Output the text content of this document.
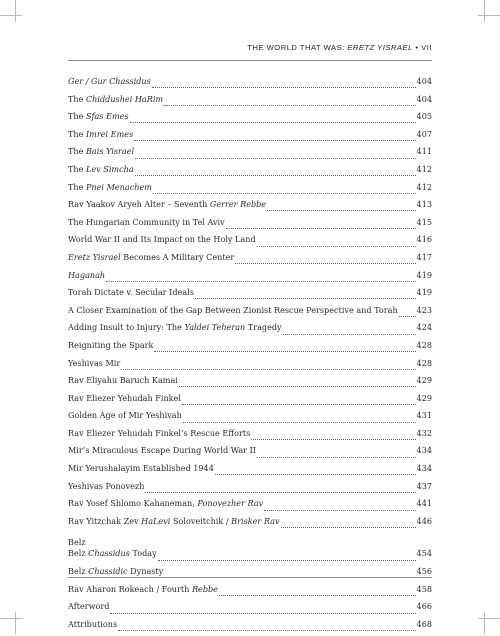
THE WORLD THAT WAS: ERETZ YISRAEL • VII
Ger / Gur Chassidus	404
The Chiddushei HaRim	404
The Sfas Emes	405
The Imrei Emes	407
The Bais Yisrael	411
The Lev Simcha	412
The Pnei Menachem	412
Rav Yaakov Aryeh Alter – Seventh Gerrer Rebbe	413
The Hungarian Community in Tel Aviv	415
World War II and Its Impact on the Holy Land	416
Eretz Yisrael Becomes A Military Center	417
Haganah	419
Torah Dictate v. Secular Ideals	419
A Closer Examination of the Gap Between Zionist Rescue Perspective and Torah 423
Adding Insult to Injury: The Yaldei Teheran Tragedy	424
Reigniting the Spark	428
Yeshivas Mir	428
Rav Eliyahu Baruch Kamai	429
Rav Eliezer Yehudah Finkel	429
Golden Age of Mir Yeshivah	431
Rav Eliezer Yehudah Finkel’s Rescue Efforts	432
Mir’s Miraculous Escape During World War II	434
Mir Yerushalayim Established 1944	434
Yeshivas Ponovezh	437
Rav Yosef Shlomo Kahaneman, Ponovezher Rav	441
Rav Yitzchak Zev HaLevi Soloveitchik / Brisker Rav	446
Belz
Belz Chassidus Today	454
Belz Chassidic Dynasty	456
Rav Aharon Rokeach / Fourth Rebbe	458
Afterword	466
Attributions	468
